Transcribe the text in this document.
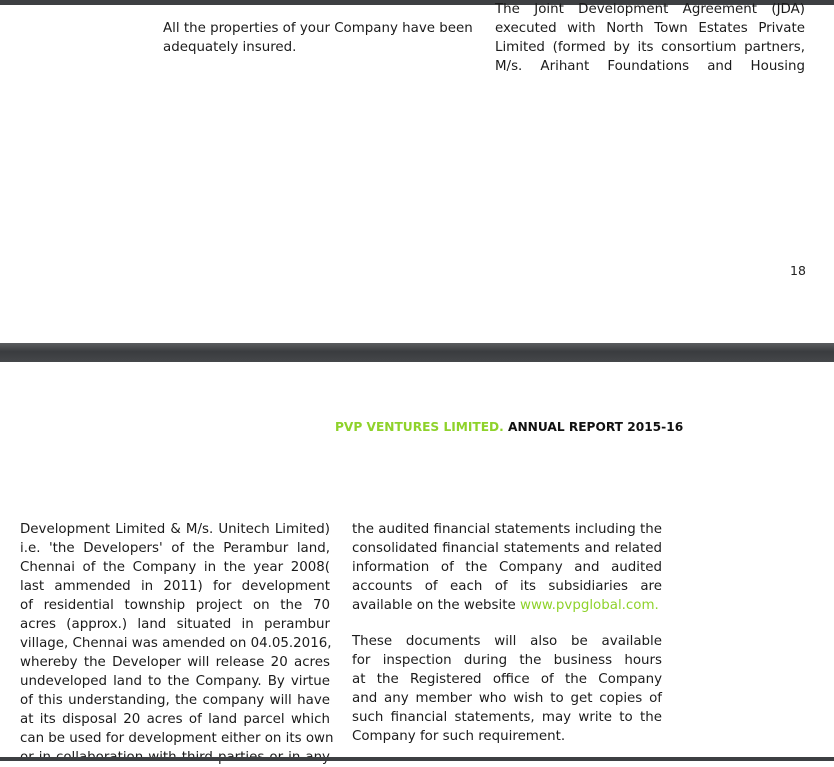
All the properties of your Company have been
adequately insured.
The Joint Development Agreement (JDA)
executed with North Town Estates Private
Limited (formed by its consortium partners,
M/s. Arihant Foundations and Housing
18
PVP VENTURES LIMITED. ANNUAL REPORT 2015-16
Development Limited & M/s. Unitech Limited)
i.e. 'the Developers' of the Perambur land,
Chennai of the Company in the year 2008(
last ammended in 2011) for development
of residential township project on the 70
acres (approx.) land situated in perambur
village, Chennai was amended on 04.05.2016,
whereby the Developer will release 20 acres
undeveloped land to the Company. By virtue
of this understanding, the company will have
at its disposal 20 acres of land parcel which
can be used for development either on its own
the audited financial statements including the
consolidated financial statements and related
information of the Company and audited
accounts of each of its subsidiaries are
available on the website www.pvpglobal.com.
These documents will also be available
for inspection during the business hours
at the Registered office of the Company
and any member who wish to get copies of
such financial statements, may write to the
Company for such requirement.
